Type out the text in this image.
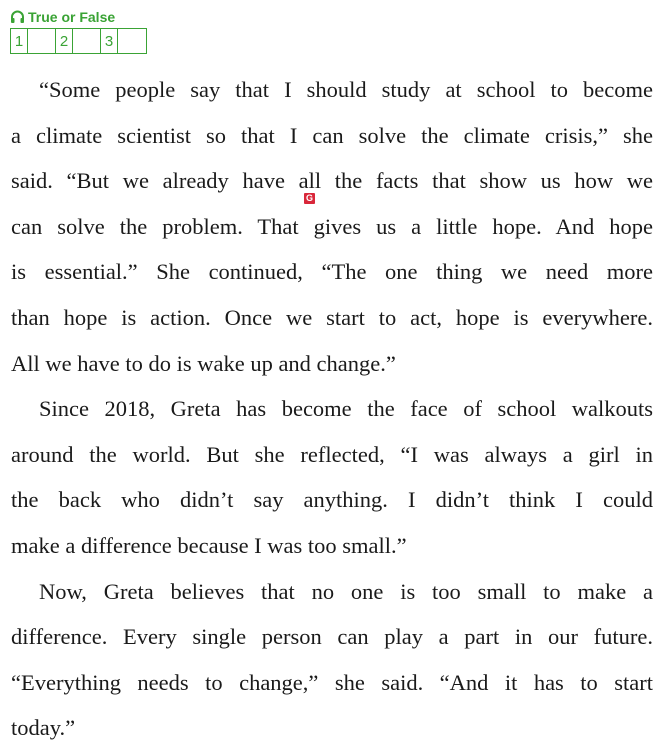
True or False
1	2	3
G
“Some people say that I should study at school to become
a climate scientist so that I can solve the climate crisis,” she
said. “But we already have all the facts that show us how we
can solve the problem. That gives us a little hope. And hope
is essential.” She continued, “The one thing we need more
than hope is action. Once we start to act, hope is everywhere.
All we have to do is wake up and change.”
Since 2018, Greta has become the face of school walkouts
around the world. But she reflected, “I was always a girl in
the back who didn’t say anything. I didn’t think I could
make a difference because I was too small.”
Now, Greta believes that no one is too small to make a
difference. Every single person can play a part in our future.
“Everything needs to change,” she said. “And it has to start
today.”
